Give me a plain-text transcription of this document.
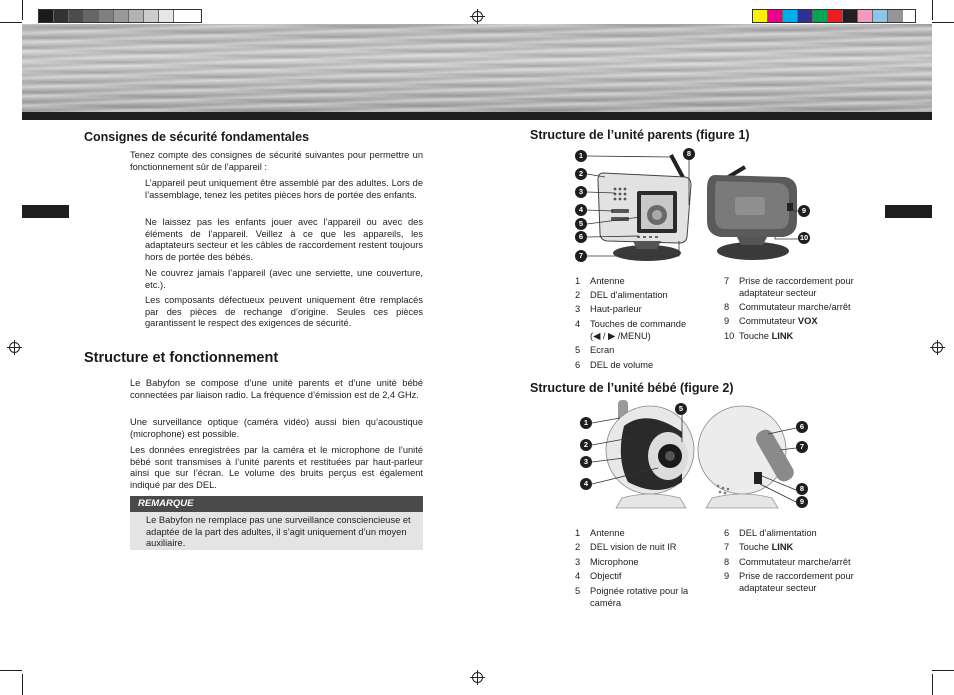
Consignes de sécurité fondamentales

Tenez compte des consignes de sécurité suivantes pour permettre un fonctionnement sûr de l’appareil :

L’appareil peut uniquement être assemblé par des adultes. Lors de l’assemblage, tenez les petites pièces hors de portée des enfants.

Ne laissez pas les enfants jouer avec l’appareil ou avec des éléments de l’appareil. Veillez à ce que les appareils, les adaptateurs secteur et les câbles de raccordement restent toujours hors de portée des bébés.

Ne couvrez jamais l’appareil (avec une serviette, une couverture, etc.).

Les composants défectueux peuvent uniquement être remplacés par des pièces de rechange d’origine. Seules ces pièces garantissent le respect des exigences de sécurité.

Structure et fonctionnement

Le Babyfon se compose d’une unité parents et d’une unité bébé connectées par liaison radio. La fréquence d’émission est de 2,4 GHz.

Une surveillance optique (caméra vidéo) aussi bien qu’acoustique (microphone) est possible.

Les données enregistrées par la caméra et le microphone de l’unité bébé sont transmises à l’unité parents et restituées par haut-parleur ainsi que sur l’écran. Le volume des bruits perçus est également indiqué par des DEL.

REMARQUE
Le Babyfon ne remplace pas une surveillance consciencieuse et adaptée de la part des adultes, il s’agit uniquement d’un moyen auxiliaire.
Structure de l’unité parents (figure 1)
1
2
3
4
5
6
7
8
9
10
1	Antenne
2	DEL d’alimentation
3	Haut-parleur
4	Touches de commande
(◀ / ▶ /MENU)
5	Ecran
6	DEL de volume
7	Prise de raccordement pour
adaptateur secteur
8	Commutateur marche/arrêt
9	Commutateur VOX
10 Touche LINK
Structure de l’unité bébé (figure 2)
1
2
3
4
5
6
7
8
9
1	Antenne
2	DEL vision de nuit IR
3	Microphone
4	Objectif
5	Poignée rotative pour la
caméra
6	DEL d’alimentation
7	Touche LINK
8	Commutateur marche/arrêt
9	Prise de raccordement pour
adaptateur secteur
